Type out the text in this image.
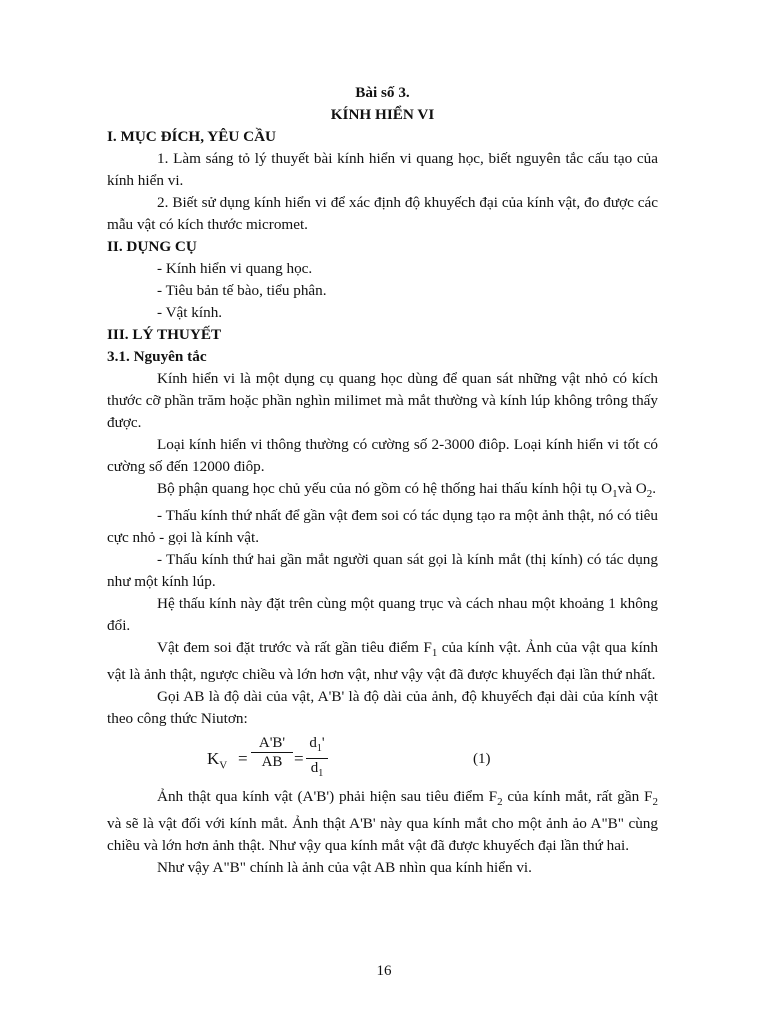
Bài số 3.

KÍNH HIỂN VI

I. MỤC ĐÍCH, YÊU CẦU

1. Làm sáng tỏ lý thuyết bài kính hiển vi quang học, biết nguyên tắc cấu tạo của kính hiển vi.

2. Biết sử dụng kính hiển vi để xác định độ khuyếch đại của kính vật, đo được các mẫu vật có kích thước micromet.

II. DỤNG CỤ

- Kính hiển vi quang học.

- Tiêu bản tế bào, tiểu phân.

- Vật kính.

III. LÝ THUYẾT

3.1. Nguyên tắc

Kính hiển vi là một dụng cụ quang học dùng để quan sát những vật nhỏ có kích thước cỡ phần trăm hoặc phần nghìn milimet mà mắt thường và kính lúp không trông thấy được.

Loại kính hiển vi thông thường có cường số 2-3000 điôp. Loại kính hiển vi tốt có cường số đến 12000 điôp.

Bộ phận quang học chủ yếu của nó gồm có hệ thống hai thấu kính hội tụ $O_1và$ $O_2$.

- Thấu kính thứ nhất để gần vật đem soi có tác dụng tạo ra một ảnh thật, nó có tiêu cực nhỏ - gọi là kính vật.

- Thấu kính thứ hai gần mắt người quan sát gọi là kính mắt (thị kính) có tác dụng như một kính lúp.

Hệ thấu kính này đặt trên cùng một quang trục và cách nhau một khoảng 1 không đổi.

Vật đem soi đặt trước và rất gần tiêu điểm $F_1$ của kính vật. Ảnh của vật qua kính vật là ảnh thật, ngược chiều và lớn hơn vật, như vậy vật đã được khuyếch đại lần thứ nhất.

Gọi AB là độ dài của vật, A'B' là độ dài của ảnh, độ khuyếch đại dài của kính vật theo công thức Niutơn:

$K_V = \frac{A'B'}{AB} = \frac{d_1'}{d_1}$	(1)

Ảnh thật qua kính vật (A'B') phải hiện sau tiêu điểm $F_2$ của kính mắt, rất gần $F_2$ và sẽ là vật đối với kính mắt. Ảnh thật A'B' này qua kính mắt cho một ảnh ảo A"B" cùng chiều và lớn hơn ảnh thật. Như vậy qua kính mắt vật đã được khuyếch đại lần thứ hai.

Như vậy A"B" chính là ảnh của vật AB nhìn qua kính hiển vi.

16
